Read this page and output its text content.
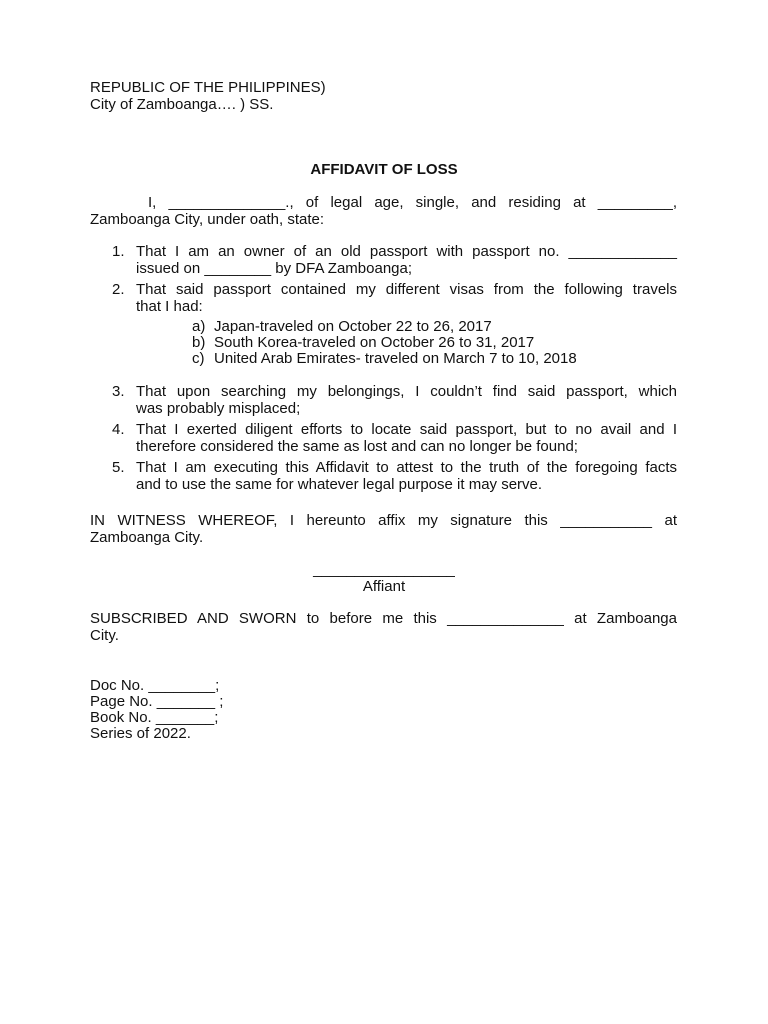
REPUBLIC OF THE PHILIPPINES)
City of Zamboanga…. ) SS.
AFFIDAVIT OF LOSS
I, ______________., of legal age, single, and residing at _________,
Zamboanga City, under oath, state:
1. That I am an owner of an old passport with passport no. _____________
issued on ________ by DFA Zamboanga;
2. That said passport contained my different visas from the following travels
that I had:
a) Japan-traveled on October 22 to 26, 2017
b) South Korea-traveled on October 26 to 31, 2017
c) United Arab Emirates- traveled on March 7 to 10, 2018
3. That upon searching my belongings, I couldn’t find said passport, which
was probably misplaced;
4. That I exerted diligent efforts to locate said passport, but to no avail and I
therefore considered the same as lost and can no longer be found;
5. That I am executing this Affidavit to attest to the truth of the foregoing facts
and to use the same for whatever legal purpose it may serve.
IN WITNESS WHEREOF, I hereunto affix my signature this ___________ at
Zamboanga City.
_________________
Affiant
SUBSCRIBED AND SWORN to before me this ______________ at Zamboanga
City.
Doc No. ________;
Page No. _______ ;
Book No. _______;
Series of 2022.
